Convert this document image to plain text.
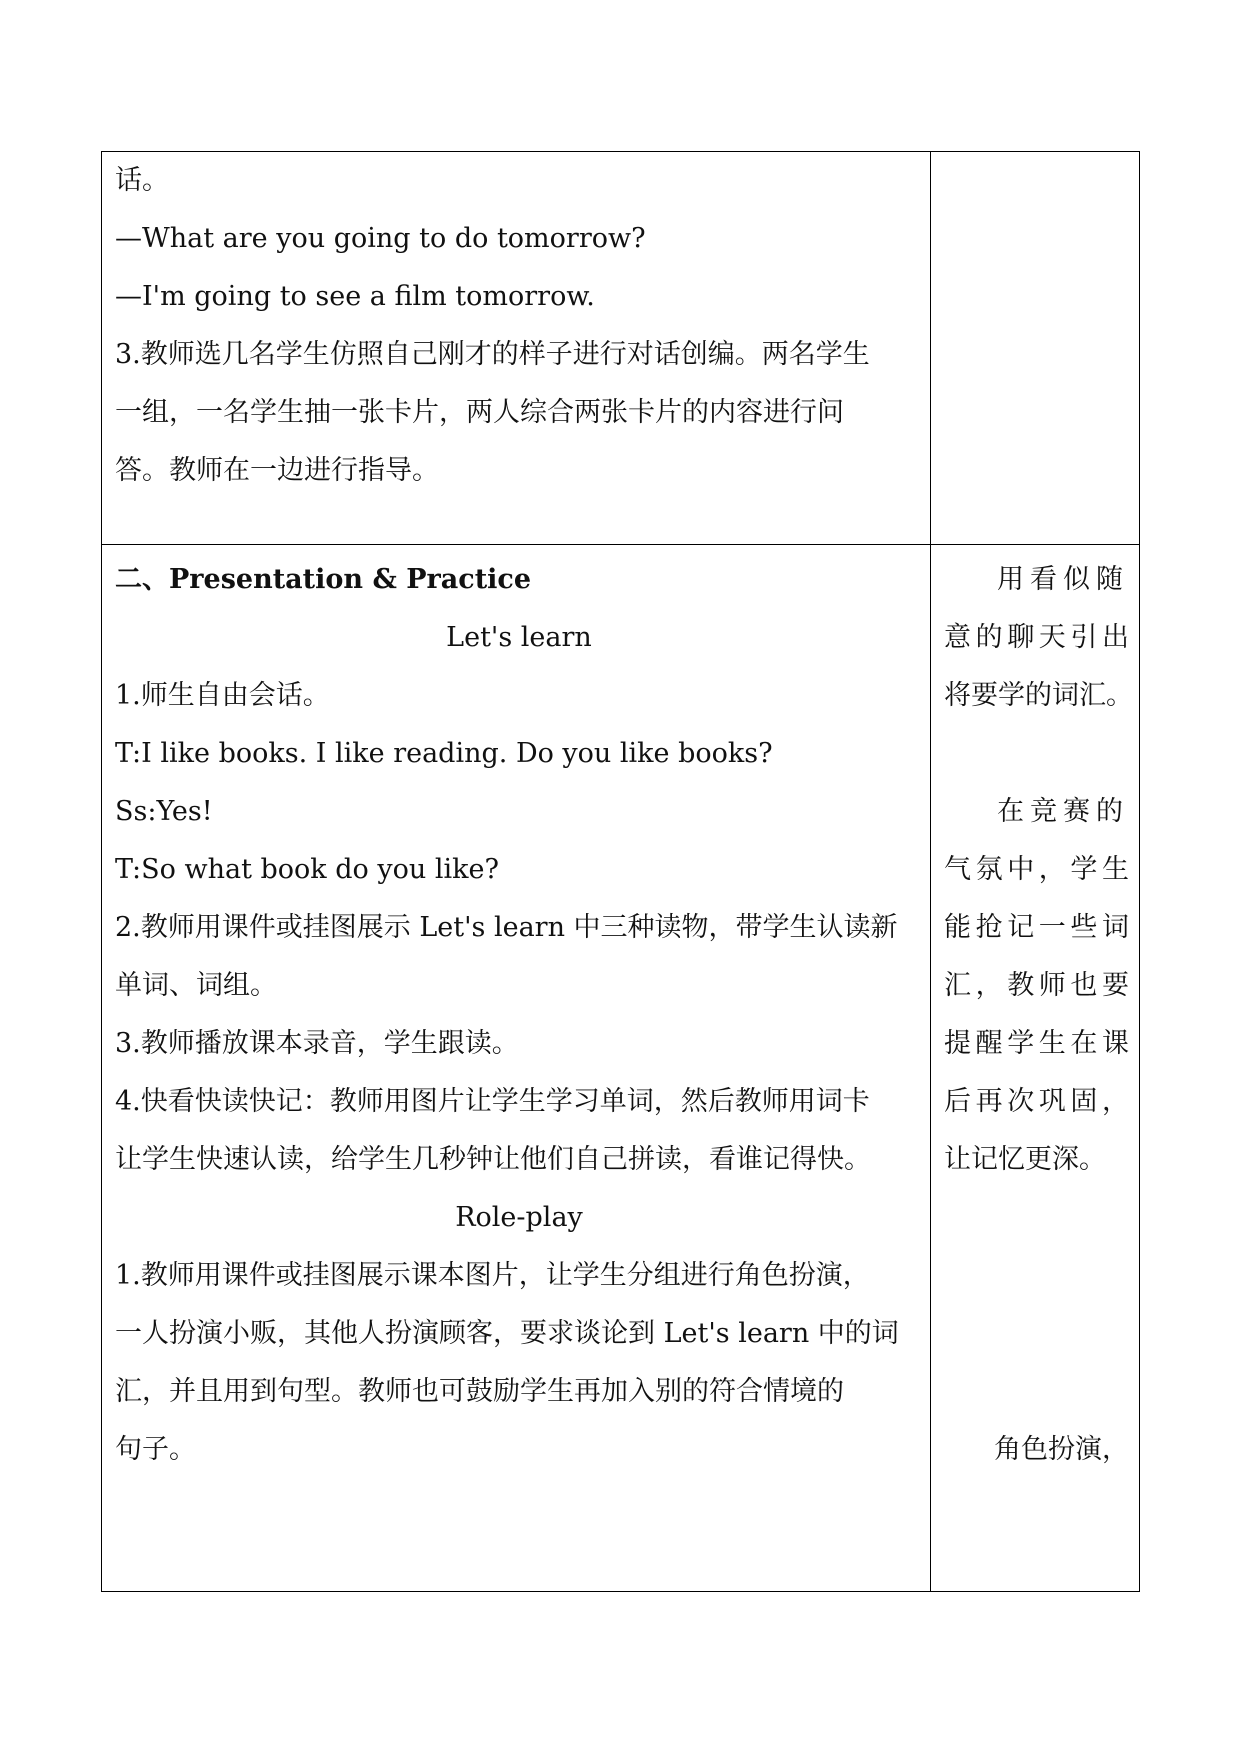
话。
—What are you going to do tomorrow?
—I'm going to see a film tomorrow.
3.教师选几名学生仿照自己刚才的样子进行对话创编。两名学生
一组，一名学生抽一张卡片，两人综合两张卡片的内容进行问
答。教师在一边进行指导。
二、Presentation & Practice
Let's learn
1.师生自由会话。
T:I like books. I like reading. Do you like books?
Ss:Yes!
T:So what book do you like?
2.教师用课件或挂图展示 Let's learn 中三种读物，带学生认读新
单词、词组。
3.教师播放课本录音，学生跟读。
4.快看快读快记：教师用图片让学生学习单词，然后教师用词卡
让学生快速认读，给学生几秒钟让他们自己拼读，看谁记得快。
Role-play
1.教师用课件或挂图展示课本图片，让学生分组进行角色扮演，
一人扮演小贩，其他人扮演顾客，要求谈论到 Let's learn 中的词
汇，并且用到句型。教师也可鼓励学生再加入别的符合情境的
句子。
用看似随
意的聊天引出
将要学的词汇。
在竞赛的
气氛中，学生
能抢记一些词
汇，教师也要
提醒学生在课
后再次巩固，
让记忆更深。
角色扮演，
